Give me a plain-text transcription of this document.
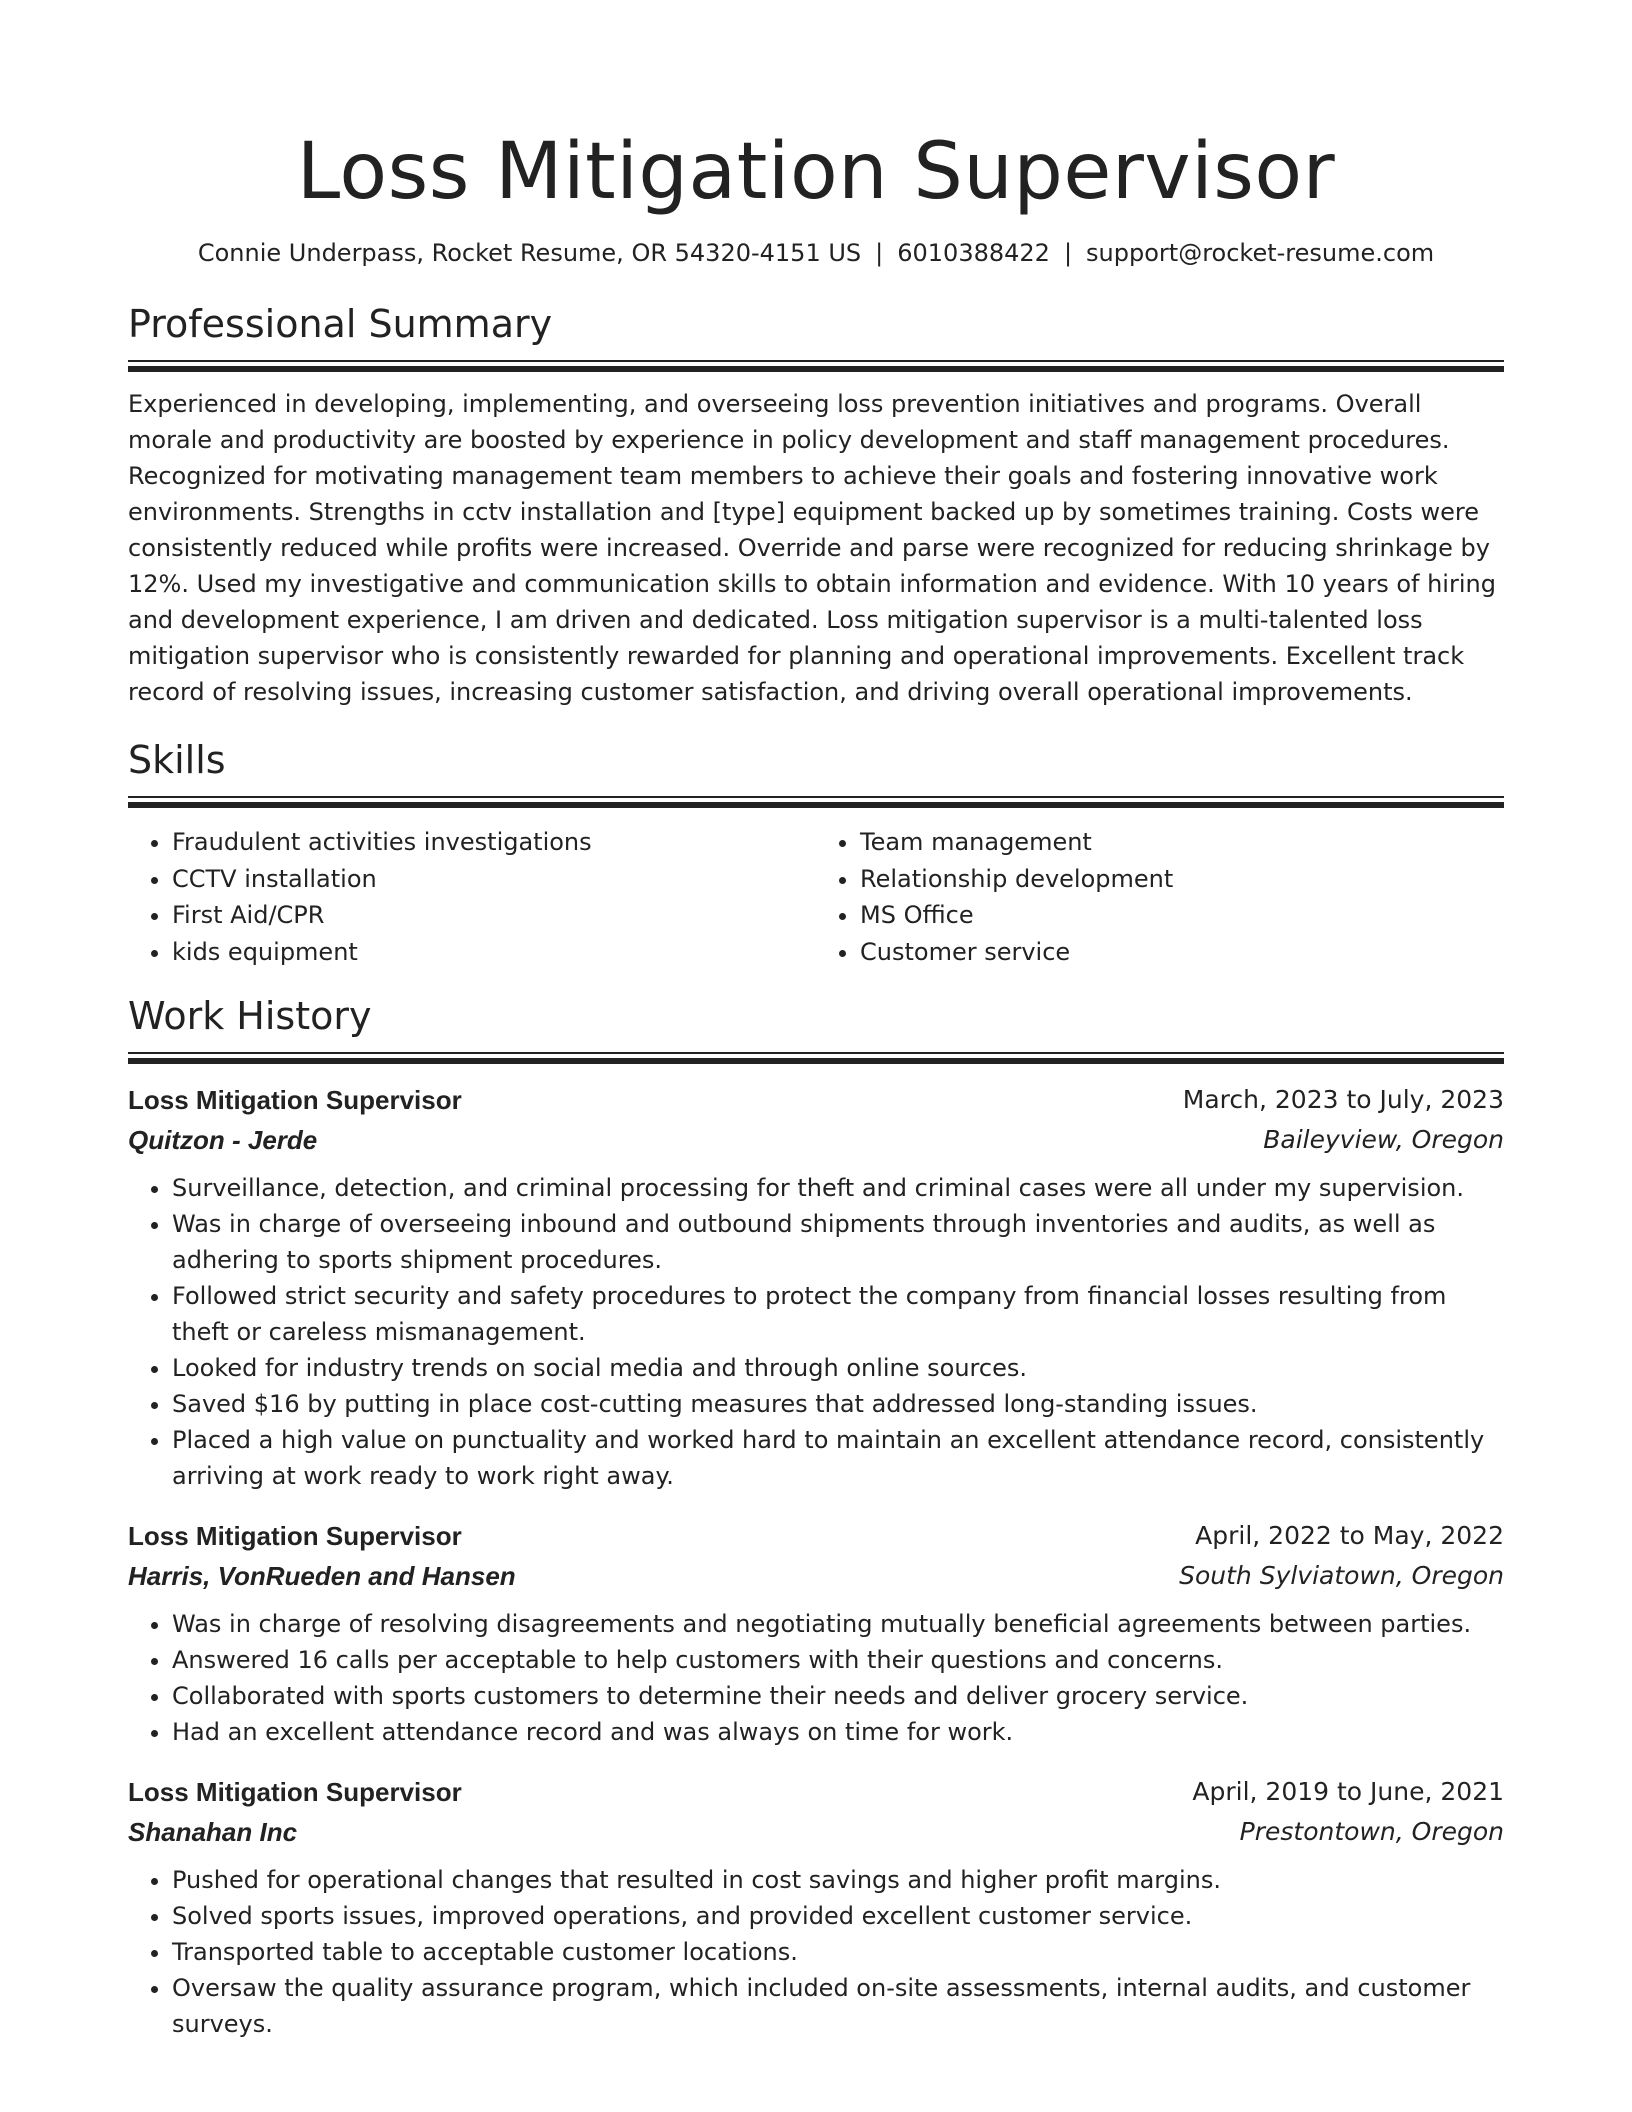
Loss Mitigation Supervisor
Connie Underpass, Rocket Resume, OR 54320-4151 US | 6010388422 | support@rocket-resume.com
Professional Summary

Experienced in developing, implementing, and overseeing loss prevention initiatives and programs. Overall morale and productivity are boosted by experience in policy development and staff management procedures. Recognized for motivating management team members to achieve their goals and fostering innovative work environments. Strengths in cctv installation and [type] equipment backed up by sometimes training. Costs were consistently reduced while profits were increased. Override and parse were recognized for reducing shrinkage by 12%. Used my investigative and communication skills to obtain information and evidence. With 10 years of hiring and development experience, I am driven and dedicated. Loss mitigation supervisor is a multi-talented loss mitigation supervisor who is consistently rewarded for planning and operational improvements. Excellent track record of resolving issues, increasing customer satisfaction, and driving overall operational improvements.

Skills
• Fraudulent activities investigations
• CCTV installation
• First Aid/CPR
• kids equipment
• Team management
• Relationship development
• MS Office
• Customer service
Work History
Loss Mitigation Supervisor	March, 2023 to July, 2023
Quitzon - Jerde	Baileyview, Oregon
• Surveillance, detection, and criminal processing for theft and criminal cases were all under my supervision.
• Was in charge of overseeing inbound and outbound shipments through inventories and audits, as well as adhering to sports shipment procedures.
• Followed strict security and safety procedures to protect the company from financial losses resulting from theft or careless mismanagement.
• Looked for industry trends on social media and through online sources.
• Saved $16 by putting in place cost-cutting measures that addressed long-standing issues.
• Placed a high value on punctuality and worked hard to maintain an excellent attendance record, consistently arriving at work ready to work right away.
Loss Mitigation Supervisor	April, 2022 to May, 2022
Harris, VonRueden and Hansen	South Sylviatown, Oregon
• Was in charge of resolving disagreements and negotiating mutually beneficial agreements between parties.
• Answered 16 calls per acceptable to help customers with their questions and concerns.
• Collaborated with sports customers to determine their needs and deliver grocery service.
• Had an excellent attendance record and was always on time for work.
Loss Mitigation Supervisor	April, 2019 to June, 2021
Shanahan Inc	Prestontown, Oregon
• Pushed for operational changes that resulted in cost savings and higher profit margins.
• Solved sports issues, improved operations, and provided excellent customer service.
• Transported table to acceptable customer locations.
• Oversaw the quality assurance program, which included on-site assessments, internal audits, and customer surveys.
